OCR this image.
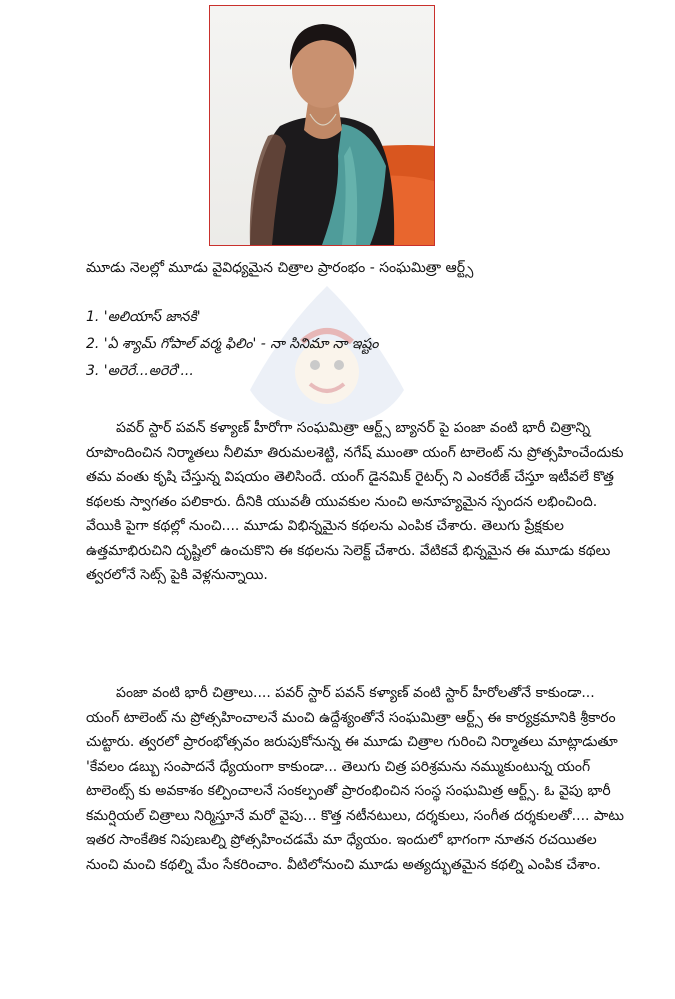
మూడు నెలల్లో మూడు వైవిధ్యమైన చిత్రాల ప్రారంభం - సంఘమిత్రా ఆర్ట్స్
1. 'అలియాస్ జానకి'
2. 'ఏ శ్యామ్ గోపాల్ వర్మ ఫిలిం' - నా సినిమా నా ఇష్టం
3. 'అరెరే...అరెరే'...

పవర్ స్టార్ పవన్ కళ్యాణ్ హీరోగా సంఘమిత్రా ఆర్ట్స్ బ్యానర్ పై పంజా వంటి భారీ చిత్రాన్ని రూపొందించిన నిర్మాతలు నీలిమా తిరుమలశెట్టి, నగేష్ ముంతా యంగ్ టాలెంట్ ను ప్రోత్సహించేందుకు తమ వంతు కృషి చేస్తున్న విషయం తెలిసిందే. యంగ్ డైనమిక్ రైటర్స్ ని ఎంకరేజ్ చేస్తూ ఇటీవలే కొత్త కథలకు స్వాగతం పలికారు. దీనికి యువతీ యువకుల నుంచి అనూహ్యమైన స్పందన లభించింది. వేయికి పైగా కథల్లో నుంచి.... మూడు విభిన్నమైన కథలను ఎంపిక చేశారు. తెలుగు ప్రేక్షకుల ఉత్తమాభిరుచిని దృష్టిలో ఉంచుకొని ఈ కథలను సెలెక్ట్ చేశారు. వేటికవే భిన్నమైన ఈ మూడు కథలు త్వరలోనే సెట్స్ పైకి వెళ్లనున్నాయి.

పంజా వంటి భారీ చిత్రాలు.... పవర్ స్టార్ పవన్ కళ్యాణ్ వంటి స్టార్ హీరోలతోనే కాకుండా... యంగ్ టాలెంట్ ను ప్రోత్సహించాలనే మంచి ఉద్దేశ్యంతోనే సంఘమిత్రా ఆర్ట్స్ ఈ కార్యక్రమానికి శ్రీకారం చుట్టారు. త్వరలో ప్రారంభోత్సవం జరుపుకోనున్న ఈ మూడు చిత్రాల గురించి నిర్మాతలు మాట్లాడుతూ 'కేవలం డబ్బు సంపాదనే ధ్యేయంగా కాకుండా... తెలుగు చిత్ర పరిశ్రమను నమ్ముకుంటున్న యంగ్ టాలెంట్స్ కు అవకాశం కల్పించాలనే సంకల్పంతో ప్రారంభించిన సంస్థ సంఘమిత్ర ఆర్ట్స్. ఓ వైపు భారీ కమర్షియల్ చిత్రాలు నిర్మిస్తూనే మరో వైపు... కొత్త నటీనటులు, దర్శకులు, సంగీత దర్శకులతో.... పాటు ఇతర సాంకేతిక నిపుణుల్ని ప్రోత్సహించడమే మా ధ్యేయం. ఇందులో భాగంగా నూతన రచయితల నుంచి మంచి కథల్ని మేం సేకరించాం. వీటిలోనుంచి మూడు అత్యద్భుతమైన కథల్ని ఎంపిక చేశాం.
